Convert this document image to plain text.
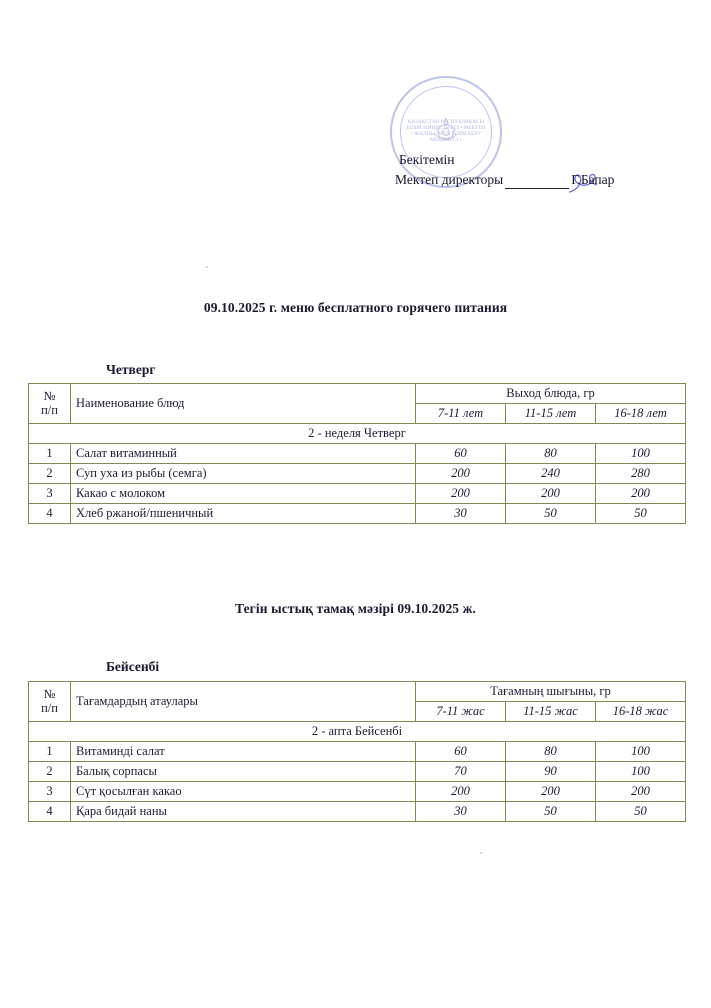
ҚАЗАҚСТАН РЕСПУБЛИКАСЫ БІЛІМ МИНИСТРЛІГІ • МЕКТЕП • ЖАЛПЫ ОРТА БІЛІМ БЕРУ МЕКЕМЕСІ •
Бекітемін
Мектеп директоры	Г.Бапар
09.10.2025 г. меню бесплатного горячего питания
Четверг
№
п/п	Наименование блюд	Выход блюда, гр		
		7-11 лет	11-15 лет	16-18 лет
2 - неделя Четверг				
1	Салат витаминный	60	80	100
2	Суп уха из рыбы (семга)	200	240	280
3	Какао с молоком	200	200	200
4	Хлеб ржаной/пшеничный	30	50	50
Тегін ыстық тамақ мәзірі 09.10.2025 ж.
Бейсенбі
№
п/п	Тағамдардың атаулары	Тағамның шығыны, гр		
		7-11 жас	11-15 жас	16-18 жас
2 - апта Бейсенбі				
1	Витаминді салат	60	80	100
2	Балық сорпасы	70	90	100
3	Сүт қосылған какао	200	200	200
4	Қара бидай наны	30	50	50
